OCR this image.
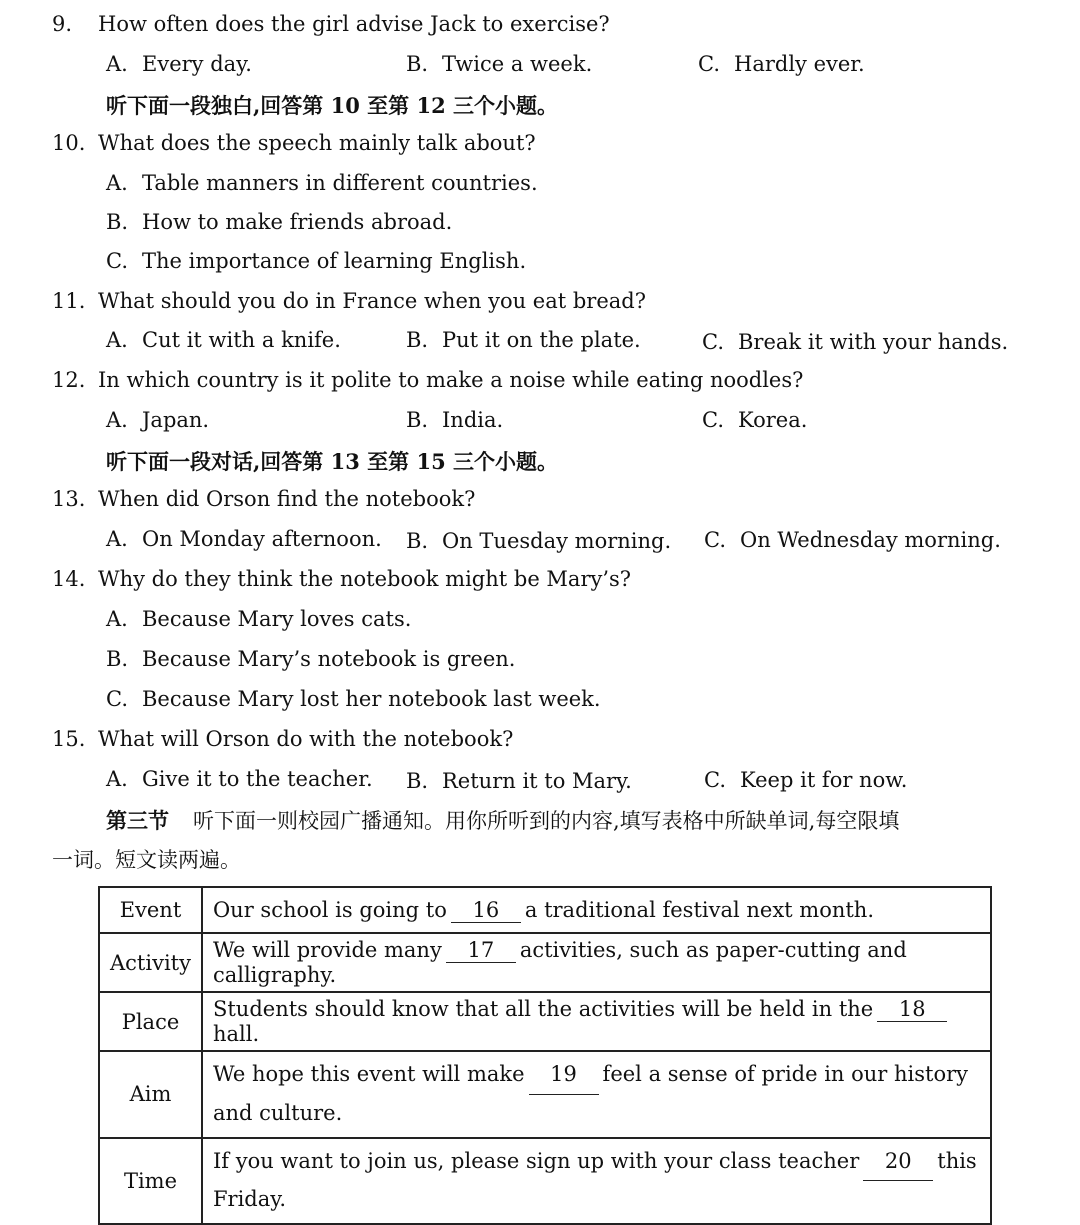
9. How often does the girl advise Jack to exercise?
A. Every day.	B. Twice a week.	C. Hardly ever.
听下面一段独白,回答第 10 至第 12 三个小题。
10. What does the speech mainly talk about?
A. Table manners in different countries.
B. How to make friends abroad.
C. The importance of learning English.
11. What should you do in France when you eat bread?
A. Cut it with a knife.	B. Put it on the plate.	C. Break it with your hands.
12. In which country is it polite to make a noise while eating noodles?
A. Japan.	B. India.	C. Korea.
听下面一段对话,回答第 13 至第 15 三个小题。
13. When did Orson find the notebook?
A. On Monday afternoon. B. On Tuesday morning. C. On Wednesday morning.
14. Why do they think the notebook might be Mary’s?
A. Because Mary loves cats.
B. Because Mary’s notebook is green.
C. Because Mary lost her notebook last week.
15. What will Orson do with the notebook?
A. Give it to the teacher. B. Return it to Mary.	C. Keep it for now.
第三节 听下面一则校园广播通知。用你所听到的内容,填写表格中所缺单词,每空限填
一词。短文读两遍。
Event	Our school is going to 16 a traditional festival next month.
Activity	We will provide many 17 activities, such as paper-cutting and calligraphy.
Place	Students should know that all the activities will be held in the 18hall.
Aim	We hope this event will make 19 feel a sense of pride in our history and culture.
Time	If you want to join us, please sign up with your class teacher 20 this Friday.
